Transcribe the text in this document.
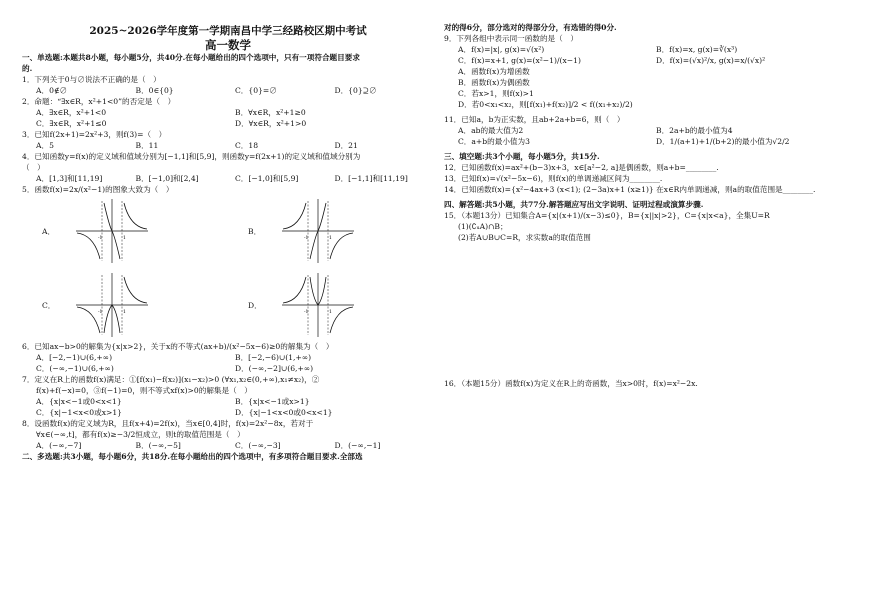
2025~2026学年度第一学期南昌中学三经路校区期中考试
高一数学
一、单选题:本题共8小题，每小题5分，共40分.在每小题给出的四个选项中，只有一项符合题目要求
的.
1．下列关于0与∅说法不正确的是（　）
A．0∉∅	B．0∈{0}	C．{0}=∅	D．{0}⊇∅
2．命题：“∃x∈R，x²+1<0”的否定是（　）
A．∃x∈R，x²+1<0	B．∀x∈R，x²+1≥0
C．∃x∈R，x²+1≤0	D．∀x∈R，x²+1>0
3．已知f(2x+1)=2x²+3，则f(3)=（　）
A．5	B．11	C．18	D．21
4．已知函数y=f(x)的定义域和值域分别为[−1,1]和[5,9]，则函数y=f(2x+1)的定义域和值域分别为
（　）
A．[1,3]和[11,19]	B．[−1,0]和[2,4]	C．[−1,0]和[5,9]	D．[−1,1]和[11,19]
5．函数f(x)=2x/(x²−1)的图象大致为（　）
A．
-1	1
B．
-1	1
C．
-1	1
D．
-1	1
6．已知ax−b>0的解集为{x|x>2}，关于x的不等式(ax+b)/(x²−5x−6)≥0的解集为（　）
A．[−2,−1)∪(6,+∞)	B．[−2,−6)∪(1,+∞)
C．(−∞,−1)∪(6,+∞)	D．(−∞,−2]∪(6,+∞)
7．定义在R上的函数f(x)满足：①[f(x₁)−f(x₂)](x₁−x₂)>0 (∀x₁,x₂∈(0,+∞),x₁≠x₂)，②
f(x)+f(−x)=0，③f(−1)=0，则不等式xf(x)>0的解集是（　）
A．{x|x<−1或0<x<1}	B．{x|x<−1或x>1}
C．{x|−1<x<0或x>1}	D．{x|−1<x<0或0<x<1}
8．设函数f(x)的定义域为R，且f(x+4)=2f(x)，当x∈[0,4]时，f(x)=2x²−8x，若对于
∀x∈(−∞,t]，都有f(x)≥−3/2恒成立，则t的取值范围是（　）
A．(−∞,−7]	B．(−∞,−5]	C．(−∞,−3]	D．(−∞,−1]
二、多选题:共3小题，每小题6分，共18分.在每小题给出的四个选项中，有多项符合题目要求.全部选
对的得6分，部分选对的得部分分，有选错的得0分.
9．下列各组中表示同一函数的是（　）
A．f(x)=|x|, g(x)=√(x²)	B．f(x)=x, g(x)=∛(x³)
C．f(x)=x+1, g(x)=(x²−1)/(x−1)	D．f(x)=(√x)²/x, g(x)=x/(√x)²
A．函数f(x)为增函数
B．函数f(x)为偶函数
C．若x>1，则f(x)>1
D．若0<x₁<x₂，则[f(x₁)+f(x₂)]/2 < f((x₁+x₂)/2)
11．已知a，b为正实数，且ab+2a+b=6，则（　）
A．ab的最大值为2	B．2a+b的最小值为4
C．a+b的最小值为3	D．1/(a+1)+1/(b+2)的最小值为√2/2
三、填空题:共3个小题，每小题5分，共15分.
12．已知函数f(x)=ax²+(b−3)x+3，x∈[a²−2, a]是偶函数，则a+b=________.
13．已知f(x)=√(x²−5x−6)，则f(x)的单调递减区间为________.
14．已知函数f(x)={x²−4ax+3 (x<1); (2−3a)x+1 (x≥1)} 在x∈R内单调递减，则a的取值范围是________.
四、解答题:共5小题，共77分.解答题应写出文字说明、证明过程或演算步骤.
15．（本题13分）已知集合A={x|(x+1)/(x−3)≤0}，B={x||x|>2}，C={x|x<a}，全集U=R
(1)(∁ᵤA)∩B；
(2)若A∪B∪C=R，求实数a的取值范围
16．（本题15分）函数f(x)为定义在R上的奇函数，当x>0时，f(x)=x²−2x.
